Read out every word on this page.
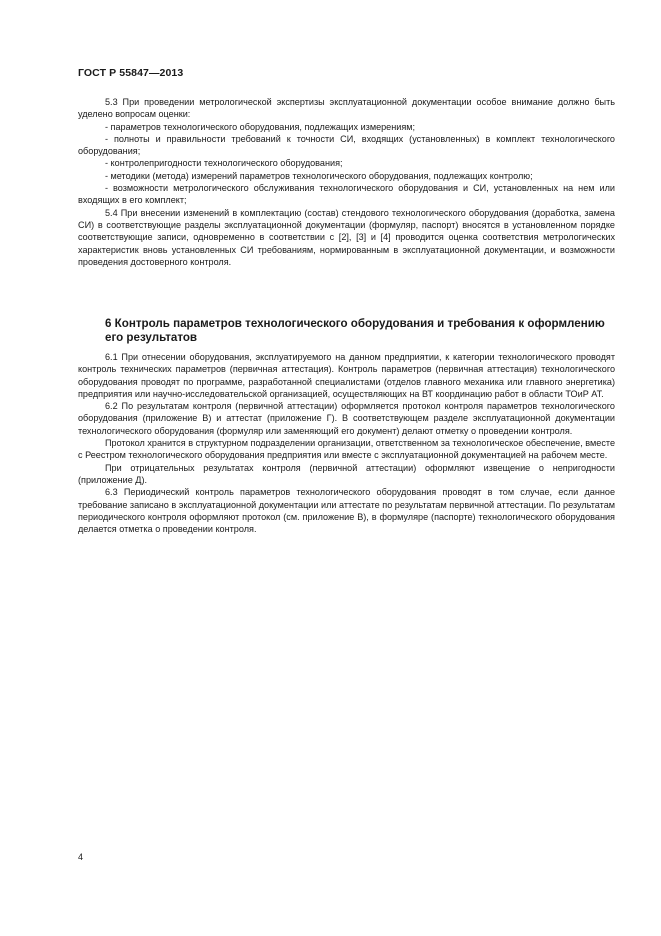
ГОСТ Р 55847—2013

5.3 При проведении метрологической экспертизы эксплуатационной документации особое внимание должно быть уделено вопросам оценки:

- параметров технологического оборудования, подлежащих измерениям;

- полноты и правильности требований к точности СИ, входящих (установленных) в комплект технологического оборудования;

- контролепригодности технологического оборудования;

- методики (метода) измерений параметров технологического оборудования, подлежащих контролю;

- возможности метрологического обслуживания технологического оборудования и СИ, установленных на нем или входящих в его комплект;

5.4 При внесении изменений в комплектацию (состав) стендового технологического оборудования (доработка, замена СИ) в соответствующие разделы эксплуатационной документации (формуляр, паспорт) вносятся в установленном порядке соответствующие записи, одновременно в соответствии с [2], [3] и [4] проводится оценка соответствия метрологических характеристик вновь установленных СИ требованиям, нормированным в эксплуатационной документации, и возможности проведения достоверного контроля.

6 Контроль параметров технологического оборудования и требования к оформлению его результатов

6.1 При отнесении оборудования, эксплуатируемого на данном предприятии, к категории технологического проводят контроль технических параметров (первичная аттестация). Контроль параметров (первичная аттестация) технологического оборудования проводят по программе, разработанной специалистами (отделов главного механика или главного энергетика) предприятия или научно-исследовательской организацией, осуществляющих на ВТ координацию работ в области ТОиР АТ.

6.2 По результатам контроля (первичной аттестации) оформляется протокол контроля параметров технологического оборудования (приложение В) и аттестат (приложение Г). В соответствующем разделе эксплуатационной документации технологического оборудования (формуляр или заменяющий его документ) делают отметку о проведении контроля.

Протокол хранится в структурном подразделении организации, ответственном за технологическое обеспечение, вместе с Реестром технологического оборудования предприятия или вместе с эксплуатационной документацией на рабочем месте.

При отрицательных результатах контроля (первичной аттестации) оформляют извещение о непригодности (приложение Д).

6.3 Периодический контроль параметров технологического оборудования проводят в том случае, если данное требование записано в эксплуатационной документации или аттестате по результатам первичной аттестации. По результатам периодического контроля оформляют протокол (см. приложение В), в формуляре (паспорте) технологического оборудования делается отметка о проведении контроля.

4
